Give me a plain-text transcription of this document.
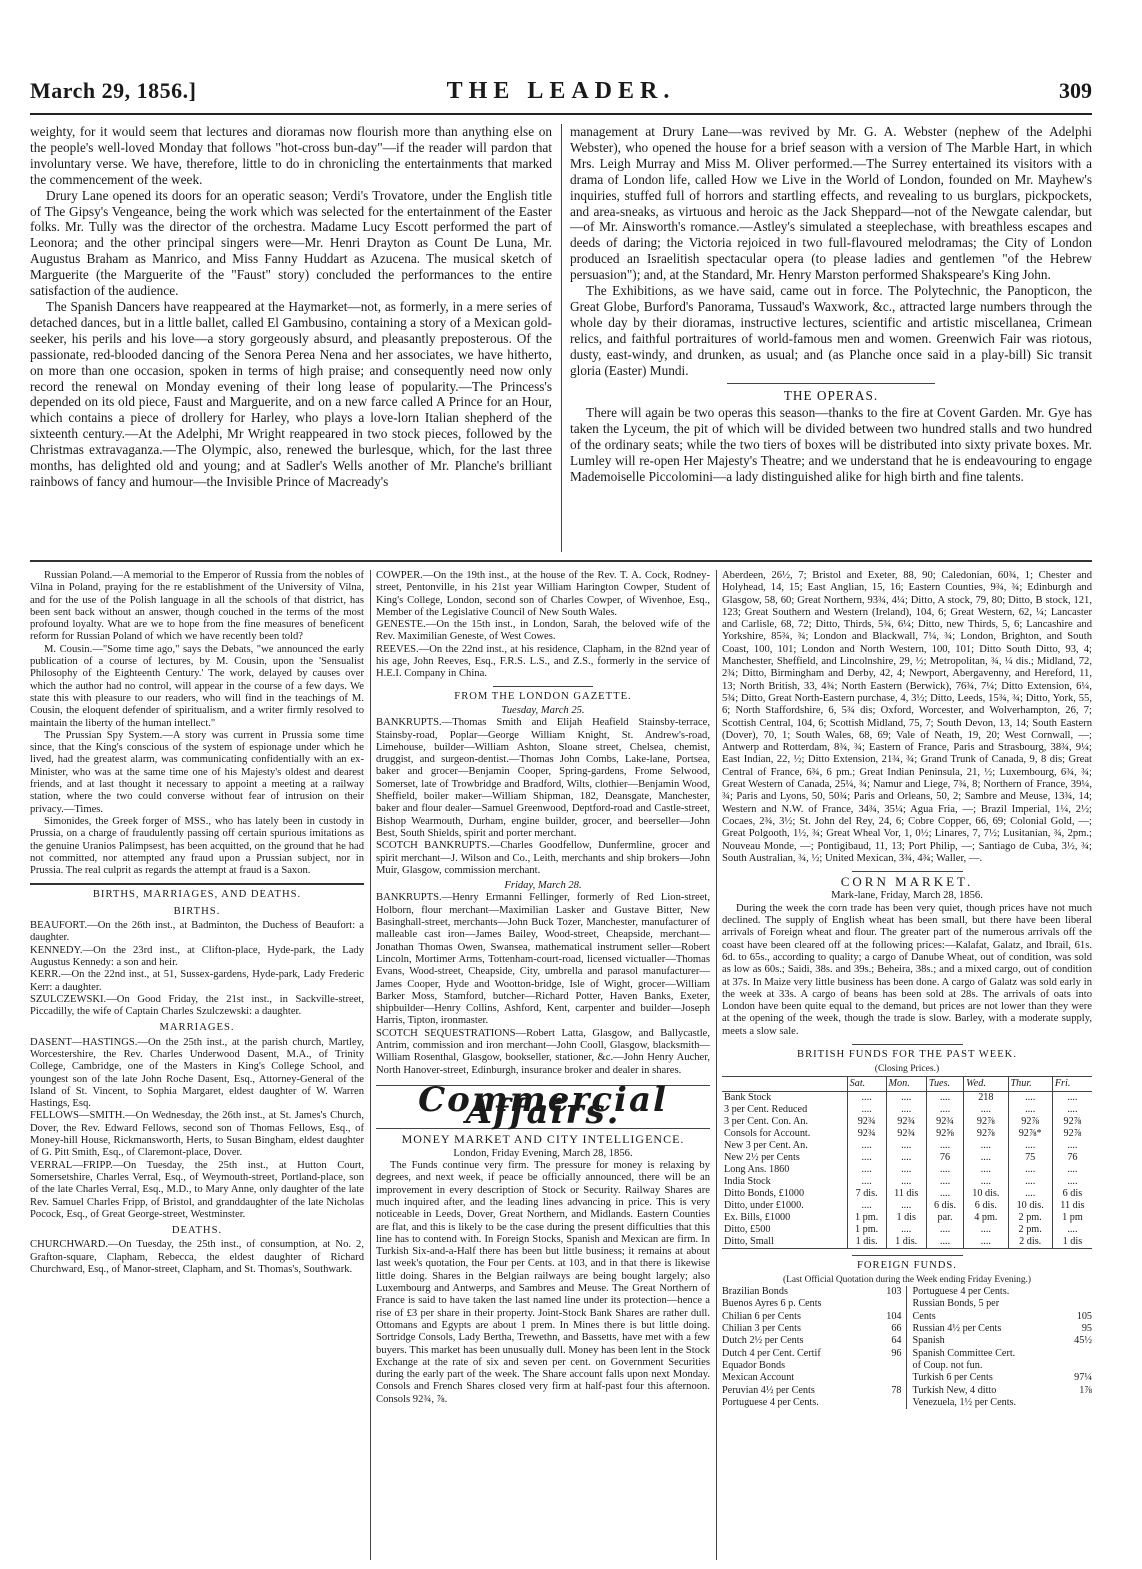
March 29, 1856.]	THE LEADER.	309

weighty, for it would seem that lectures and dioramas now flourish more than anything else on the people's well-loved Monday that follows "hot-cross bun-day"—if the reader will pardon that involuntary verse. We have, therefore, little to do in chronicling the entertainments that marked the commencement of the week.

Drury Lane opened its doors for an operatic season; Verdi's Trovatore, under the English title of The Gipsy's Vengeance, being the work which was selected for the entertainment of the Easter folks. Mr. Tully was the director of the orchestra. Madame Lucy Escott performed the part of Leonora; and the other principal singers were—Mr. Henri Drayton as Count De Luna, Mr. Augustus Braham as Manrico, and Miss Fanny Huddart as Azucena. The musical sketch of Marguerite (the Marguerite of the "Faust" story) concluded the performances to the entire satisfaction of the audience.

The Spanish Dancers have reappeared at the Haymarket—not, as formerly, in a mere series of detached dances, but in a little ballet, called El Gambusino, containing a story of a Mexican gold-seeker, his perils and his love—a story gorgeously absurd, and pleasantly preposterous. Of the passionate, red-blooded dancing of the Senora Perea Nena and her associates, we have hitherto, on more than one occasion, spoken in terms of high praise; and consequently need now only record the renewal on Monday evening of their long lease of popularity.—The Princess's depended on its old piece, Faust and Marguerite, and on a new farce called A Prince for an Hour, which contains a piece of drollery for Harley, who plays a love-lorn Italian shepherd of the sixteenth century.—At the Adelphi, Mr Wright reappeared in two stock pieces, followed by the Christmas extravaganza.—The Olympic, also, renewed the burlesque, which, for the last three months, has delighted old and young; and at Sadler's Wells another of Mr. Planche's brilliant rainbows of fancy and humour—the Invisible Prince of Macready's

management at Drury Lane—was revived by Mr. G. A. Webster (nephew of the Adelphi Webster), who opened the house for a brief season with a version of The Marble Hart, in which Mrs. Leigh Murray and Miss M. Oliver performed.—The Surrey entertained its visitors with a drama of London life, called How we Live in the World of London, founded on Mr. Mayhew's inquiries, stuffed full of horrors and startling effects, and revealing to us burglars, pickpockets, and area-sneaks, as virtuous and heroic as the Jack Sheppard—not of the Newgate calendar, but—of Mr. Ainsworth's romance.—Astley's simulated a steeplechase, with breathless escapes and deeds of daring; the Victoria rejoiced in two full-flavoured melodramas; the City of London produced an Israelitish spectacular opera (to please ladies and gentlemen "of the Hebrew persuasion"); and, at the Standard, Mr. Henry Marston performed Shakspeare's King John.

The Exhibitions, as we have said, came out in force. The Polytechnic, the Panopticon, the Great Globe, Burford's Panorama, Tussaud's Waxwork, &c., attracted large numbers through the whole day by their dioramas, instructive lectures, scientific and artistic miscellanea, Crimean relics, and faithful portraitures of world-famous men and women. Greenwich Fair was riotous, dusty, east-windy, and drunken, as usual; and (as Planche once said in a play-bill) Sic transit gloria (Easter) Mundi.

THE OPERAS.

There will again be two operas this season—thanks to the fire at Covent Garden. Mr. Gye has taken the Lyceum, the pit of which will be divided between two hundred stalls and two hundred of the ordinary seats; while the two tiers of boxes will be distributed into sixty private boxes. Mr. Lumley will re-open Her Majesty's Theatre; and we understand that he is endeavouring to engage Mademoiselle Piccolomini—a lady distinguished alike for high birth and fine talents.

Russian Poland.—A memorial to the Emperor of Russia from the nobles of Vilna in Poland, praying for the re establishment of the University of Vilna, and for the use of the Polish language in all the schools of that district, has been sent back without an answer, though couched in the terms of the most profound loyalty. What are we to hope from the fine measures of beneficent reform for Russian Poland of which we have recently been told?

M. Cousin.—"Some time ago," says the Debats, "we announced the early publication of a course of lectures, by M. Cousin, upon the 'Sensualist Philosophy of the Eighteenth Century.' The work, delayed by causes over which the author had no control, will appear in the course of a few days. We state this with pleasure to our readers, who will find in the teachings of M. Cousin, the eloquent defender of spiritualism, and a writer firmly resolved to maintain the liberty of the human intellect."

The Prussian Spy System.—A story was current in Prussia some time since, that the King's conscious of the system of espionage under which he lived, had the greatest alarm, was communicating confidentially with an ex-Minister, who was at the same time one of his Majesty's oldest and dearest friends, and at last thought it necessary to appoint a meeting at a railway station, where the two could converse without fear of intrusion on their privacy.—Times.

Simonides, the Greek forger of MSS., who has lately been in custody in Prussia, on a charge of fraudulently passing off certain spurious imitations as the genuine Uranios Palimpsest, has been acquitted, on the ground that he had not committed, nor attempted any fraud upon a Prussian subject, nor in Prussia. The real culprit as regards the attempt at fraud is a Saxon.

BIRTHS, MARRIAGES, AND DEATHS.

BIRTHS.

BEAUFORT.—On the 26th inst., at Badminton, the Duchess of Beaufort: a daughter.

KENNEDY.—On the 23rd inst., at Clifton-place, Hyde-park, the Lady Augustus Kennedy: a son and heir.

KERR.—On the 22nd inst., at 51, Sussex-gardens, Hyde-park, Lady Frederic Kerr: a daughter.

SZULCZEWSKI.—On Good Friday, the 21st inst., in Sackville-street, Piccadilly, the wife of Captain Charles Szulczewski: a daughter.

MARRIAGES.

DASENT—HASTINGS.—On the 25th inst., at the parish church, Martley, Worcestershire, the Rev. Charles Underwood Dasent, M.A., of Trinity College, Cambridge, one of the Masters in King's College School, and youngest son of the late John Roche Dasent, Esq., Attorney-General of the Island of St. Vincent, to Sophia Margaret, eldest daughter of W. Warren Hastings, Esq.

FELLOWS—SMITH.—On Wednesday, the 26th inst., at St. James's Church, Dover, the Rev. Edward Fellows, second son of Thomas Fellows, Esq., of Money-hill House, Rickmansworth, Herts, to Susan Bingham, eldest daughter of G. Pitt Smith, Esq., of Claremont-place, Dover.

VERRAL—FRIPP.—On Tuesday, the 25th inst., at Hutton Court, Somersetshire, Charles Verral, Esq., of Weymouth-street, Portland-place, son of the late Charles Verral, Esq., M.D., to Mary Anne, only daughter of the late Rev. Samuel Charles Fripp, of Bristol, and granddaughter of the late Nicholas Pocock, Esq., of Great George-street, Westminster.

DEATHS.

CHURCHWARD.—On Tuesday, the 25th inst., of consumption, at No. 2, Grafton-square, Clapham, Rebecca, the eldest daughter of Richard Churchward, Esq., of Manor-street, Clapham, and St. Thomas's, Southwark.

COWPER.—On the 19th inst., at the house of the Rev. T. A. Cock, Rodney-street, Pentonville, in his 21st year William Harington Cowper, Student of King's College, London, second son of Charles Cowper, of Wivenhoe, Esq., Member of the Legislative Council of New South Wales.

GENESTE.—On the 15th inst., in London, Sarah, the beloved wife of the Rev. Maximilian Geneste, of West Cowes.

REEVES.—On the 22nd inst., at his residence, Clapham, in the 82nd year of his age, John Reeves, Esq., F.R.S. L.S., and Z.S., formerly in the service of H.E.I. Company in China.

FROM THE LONDON GAZETTE.

Tuesday, March 25.

BANKRUPTS.—Thomas Smith and Elijah Heafield Stainsby-terrace, Stainsby-road, Poplar—George William Knight, St. Andrew's-road, Limehouse, builder—William Ashton, Sloane street, Chelsea, chemist, druggist, and surgeon-dentist.—Thomas John Combs, Lake-lane, Portsea, baker and grocer—Benjamin Cooper, Spring-gardens, Frome Selwood, Somerset, late of Trowbridge and Bradford, Wilts, clothier—Benjamin Wood, Sheffield, boiler maker—William Shipman, 182, Deansgate, Manchester, baker and flour dealer—Samuel Greenwood, Deptford-road and Castle-street, Bishop Wearmouth, Durham, engine builder, grocer, and beerseller—John Best, South Shields, spirit and porter merchant.

SCOTCH BANKRUPTS.—Charles Goodfellow, Dunfermline, grocer and spirit merchant—J. Wilson and Co., Leith, merchants and ship brokers—John Muir, Glasgow, commission merchant.

Friday, March 28.

BANKRUPTS.—Henry Ermanni Fellinger, formerly of Red Lion-street, Holborn, flour merchant—Maximilian Lasker and Gustave Bitter, New Basinghall-street, merchants—John Buck Tozer, Manchester, manufacturer of malleable cast iron—James Bailey, Wood-street, Cheapside, merchant—Jonathan Thomas Owen, Swansea, mathematical instrument seller—Robert Lincoln, Mortimer Arms, Tottenham-court-road, licensed victualler—Thomas Evans, Wood-street, Cheapside, City, umbrella and parasol manufacturer—James Cooper, Hyde and Wootton-bridge, Isle of Wight, grocer—William Barker Moss, Stamford, butcher—Richard Potter, Haven Banks, Exeter, shipbuilder—Henry Collins, Ashford, Kent, carpenter and builder—Joseph Harris, Tipton, ironmaster.

SCOTCH SEQUESTRATIONS—Robert Latta, Glasgow, and Ballycastle, Antrim, commission and iron merchant—John Cooll, Glasgow, blacksmith—William Rosenthal, Glasgow, bookseller, stationer, &c.—John Henry Aucher, North Hanover-street, Edinburgh, insurance broker and dealer in shares.

Commercial Affairs.

MONEY MARKET AND CITY INTELLIGENCE.

London, Friday Evening, March 28, 1856.

The Funds continue very firm. The pressure for money is relaxing by degrees, and next week, if peace be officially announced, there will be an improvement in every description of Stock or Security. Railway Shares are much inquired after, and the leading lines advancing in price. This is very noticeable in Leeds, Dover, Great Northern, and Midlands. Eastern Counties are flat, and this is likely to be the case during the present difficulties that this line has to contend with. In Foreign Stocks, Spanish and Mexican are firm. In Turkish Six-and-a-Half there has been but little business; it remains at about last week's quotation, the Four per Cents. at 103, and in that there is likewise little doing. Shares in the Belgian railways are being bought largely; also Luxembourg and Antwerps, and Sambres and Meuse. The Great Northern of France is said to have taken the last named line under its protection—hence a rise of £3 per share in their property. Joint-Stock Bank Shares are rather dull. Ottomans and Egypts are about 1 prem. In Mines there is but little doing. Sortridge Consols, Lady Bertha, Trewethn, and Bassetts, have met with a few buyers. This market has been unusually dull. Money has been lent in the Stock Exchange at the rate of six and seven per cent. on Government Securities during the early part of the week. The Share account falls upon next Monday. Consols and French Shares closed very firm at half-past four this afternoon. Consols 92¾, ⅞.

Aberdeen, 26½, 7; Bristol and Exeter, 88, 90; Caledonian, 60¾, 1; Chester and Holyhead, 14, 15; East Anglian, 15, 16; Eastern Counties, 9¾, ¾; Edinburgh and Glasgow, 58, 60; Great Northern, 93¾, 4¼; Ditto, A stock, 79, 80; Ditto, B stock, 121, 123; Great Southern and Western (Ireland), 104, 6; Great Western, 62, ¼; Lancaster and Carlisle, 68, 72; Ditto, Thirds, 5¾, 6¼; Ditto, new Thirds, 5, 6; Lancashire and Yorkshire, 85¾, ¾; London and Blackwall, 7¼, ¾; London, Brighton, and South Coast, 100, 101; London and North Western, 100, 101; Ditto South Ditto, 93, 4; Manchester, Sheffield, and Lincolnshire, 29, ½; Metropolitan, ¾, ¼ dis.; Midland, 72, 2¾; Ditto, Birmingham and Derby, 42, 4; Newport, Abergavenny, and Hereford, 11, 13; North British, 33, 4¾; North Eastern (Berwick), 76¾, 7¼; Ditto Extension, 6¼, 5¾; Ditto, Great North-Eastern purchase, 4, 3½; Ditto, Leeds, 15¾, ¾; Ditto, York, 55, 6; North Staffordshire, 6, 5¾ dis; Oxford, Worcester, and Wolverhampton, 26, 7; Scottish Central, 104, 6; Scottish Midland, 75, 7; South Devon, 13, 14; South Eastern (Dover), 70, 1; South Wales, 68, 69; Vale of Neath, 19, 20; West Cornwall, —; Antwerp and Rotterdam, 8¾, ¾; Eastern of France, Paris and Strasbourg, 38¾, 9¼; East Indian, 22, ½; Ditto Extension, 21¾, ¾; Grand Trunk of Canada, 9, 8 dis; Great Central of France, 6¾, 6 pm.; Great Indian Peninsula, 21, ½; Luxembourg, 6¾, ¾; Great Western of Canada, 25¼, ¾; Namur and Liege, 7¾, 8; Northern of France, 39¼, ¾; Paris and Lyons, 50, 50¾; Paris and Orleans, 50, 2; Sambre and Meuse, 13¾, 14; Western and N.W. of France, 34¾, 35¼; Agua Fria, —; Brazil Imperial, 1¼, 2½; Cocaes, 2¾, 3½; St. John del Rey, 24, 6; Cobre Copper, 66, 69; Colonial Gold, —; Great Polgooth, 1½, ¾; Great Wheal Vor, 1, 0½; Linares, 7, 7½; Lusitanian, ¾, 2pm.; Nouveau Monde, —; Pontigibaud, 11, 13; Port Philip, —; Santiago de Cuba, 3½, ¾; South Australian, ¾, ½; United Mexican, 3¾, 4¾; Waller, —.

CORN MARKET.

Mark-lane, Friday, March 28, 1856.

During the week the corn trade has been very quiet, though prices have not much declined. The supply of English wheat has been small, but there have been liberal arrivals of Foreign wheat and flour. The greater part of the numerous arrivals off the coast have been cleared off at the following prices:—Kalafat, Galatz, and Ibrail, 61s. 6d. to 65s., according to quality; a cargo of Danube Wheat, out of condition, was sold as low as 60s.; Saidi, 38s. and 39s.; Beheira, 38s.; and a mixed cargo, out of condition at 37s. In Maize very little business has been done. A cargo of Galatz was sold early in the week at 33s. A cargo of beans has been sold at 28s. The arrivals of oats into London have been quite equal to the demand, but prices are not lower than they were at the opening of the week, though the trade is slow. Barley, with a moderate supply, meets a slow sale.

BRITISH FUNDS FOR THE PAST WEEK.

(Closing Prices.)

	Sat.	Mon.	Tues.	Wed.	Thur.	Fri.
Bank Stock	....	....	....	218	....	....
3 per Cent. Reduced	....	....	....	....	....	....
3 per Cent. Con. An.	92¾	92¾	92¾	92⅞	92⅞	92⅞
Consols for Account.	92¾	92¾	92⅝	92⅞	92⅞*	92⅞
New 3 per Cent. An.	....	....	....	....	....	....
New 2½ per Cents	....	....	76	....	75	76
Long Ans. 1860	....	....	....	....	....	....
India Stock	....	....	....	....	....	....
Ditto Bonds, £1000	7 dis.	11 dis	....	10 dis.	....	6 dis
Ditto, under £1000.	....	....	6 dis.	6 dis.	10 dis.	11 dis
Ex. Bills, £1000	1 pm.	1 dis	par.	4 pm.	2 pm.	1 pm
Ditto, £500	1 pm.	....	....	....	2 pm.	....
Ditto, Small	1 dis.	1 dis.	....	....	2 dis.	1 dis

FOREIGN FUNDS.

(Last Official Quotation during the Week ending Friday Evening.)

Brazilian Bonds	103
Buenos Ayres 6 p. Cents
Chilian 6 per Cents	104
Chilian 3 per Cents	66
Dutch 2½ per Cents	64
Dutch 4 per Cent. Certif	96
Equador Bonds
Mexican Account
Peruvian 4½ per Cents	78
Portuguese 4 per Cents.
Portuguese 4 per Cents.
Russian Bonds, 5 per
Cents	105
Russian 4½ per Cents	95
Spanish	45½
Spanish Committee Cert.
of Coup. not fun.
Turkish 6 per Cents	97¼
Turkish New, 4 ditto	1⅞
Venezuela, 1½ per Cents.
